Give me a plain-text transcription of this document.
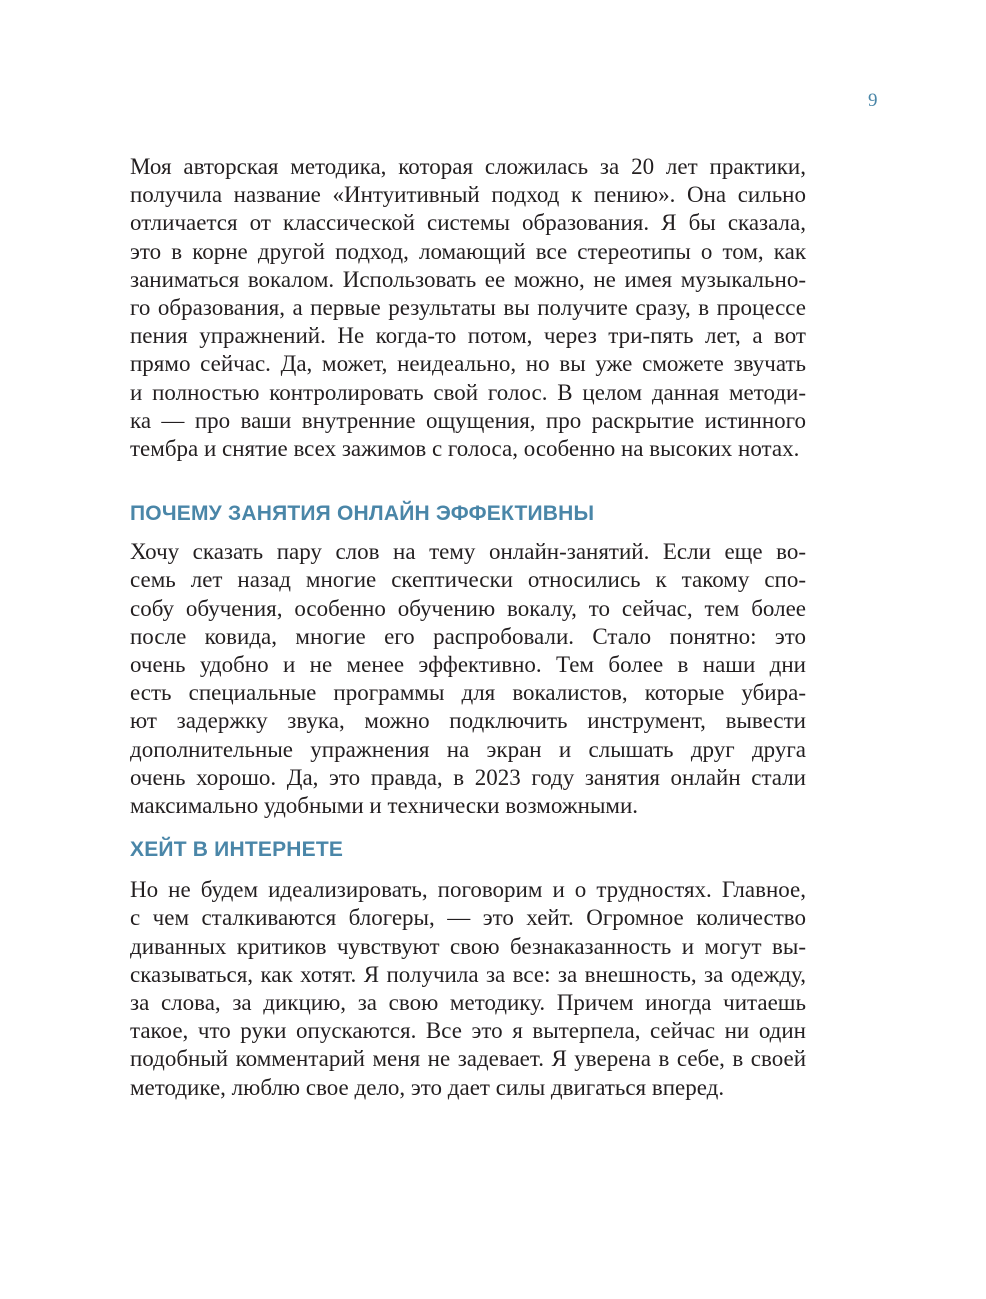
9

Моя авторская методика, которая сложилась за 20 лет практики,
получила название «Интуитивный подход к пению». Она сильно
отличается от классической системы образования. Я бы сказала,
это в корне другой подход, ломающий все стереотипы о том, как
заниматься вокалом. Использовать ее можно, не имея музыкально-
го образования, а первые результаты вы получите сразу, в процессе
пения упражнений. Не когда-то потом, через три-пять лет, а вот
прямо сейчас. Да, может, неидеально, но вы уже сможете звучать
и полностью контролировать свой голос. В целом данная методи-
ка — про ваши внутренние ощущения, про раскрытие истинного
тембра и снятие всех зажимов с голоса, особенно на высоких нотах.

ПОЧЕМУ ЗАНЯТИЯ ОНЛАЙН ЭФФЕКТИВНЫ

Хочу сказать пару слов на тему онлайн-занятий. Если еще во-
семь лет назад многие скептически относились к такому спо-
собу обучения, особенно обучению вокалу, то сейчас, тем более
после ковида, многие его распробовали. Стало понятно: это
очень удобно и не менее эффективно. Тем более в наши дни
есть специальные программы для вокалистов, которые убира-
ют задержку звука, можно подключить инструмент, вывести
дополнительные упражнения на экран и слышать друг друга
очень хорошо. Да, это правда, в 2023 году занятия онлайн стали
максимально удобными и технически возможными.

ХЕЙТ В ИНТЕРНЕТЕ

Но не будем идеализировать, поговорим и о трудностях. Главное,
с чем сталкиваются блогеры, — это хейт. Огромное количество
диванных критиков чувствуют свою безнаказанность и могут вы-
сказываться, как хотят. Я получила за все: за внешность, за одежду,
за слова, за дикцию, за свою методику. Причем иногда читаешь
такое, что руки опускаются. Все это я вытерпела, сейчас ни один
подобный комментарий меня не задевает. Я уверена в себе, в своей
методике, люблю свое дело, это дает силы двигаться вперед.
